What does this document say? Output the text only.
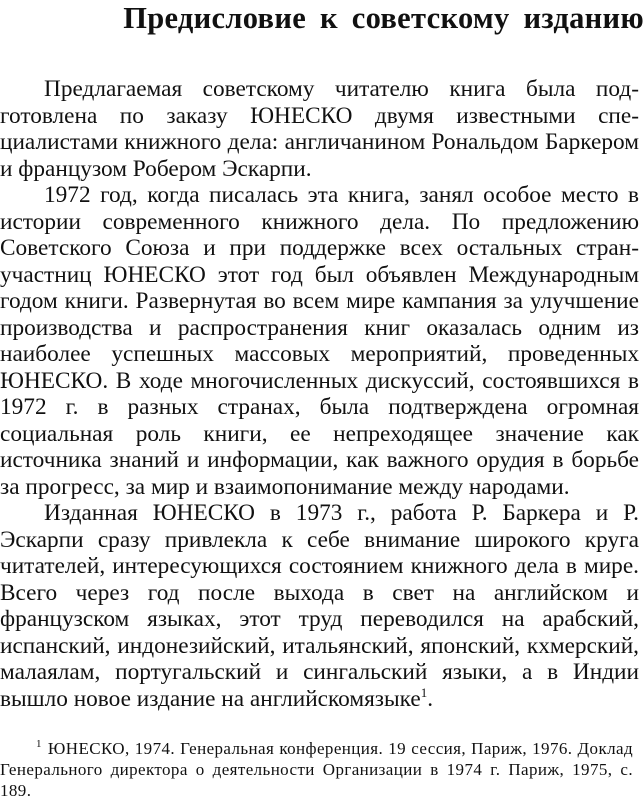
Предисловие к советскому изданию

Предлагаемая советскому читателю книга была подготовлена по заказу ЮНЕСКО двумя известными специалистами книжного дела: англичанином Рональдом Баркером и французом Робером Эскарпи.

1972 год, когда писалась эта книга, занял особое место в истории современного книжного дела. По предложению Советского Союза и при поддержке всех остальных стран-участниц ЮНЕСКО этот год был объявлен Международным годом книги. Развернутая во всем мире кампания за улучшение производства и распространения книг оказалась одним из наиболее успешных массовых мероприятий, проведенных ЮНЕСКО. В ходе многочисленных дискуссий, состоявшихся в 1972 г. в разных странах, была подтверждена огромная социальная роль книги, ее непреходящее значение как источника знаний и информации, как важного орудия в борьбе за прогресс, за мир и взаимопонимание между народами.

Изданная ЮНЕСКО в 1973 г., работа Р. Баркера и Р. Эскарпи сразу привлекла к себе внимание широкого круга читателей, интересующихся состоянием книжного дела в мире. Всего через год после выхода в свет на английском и французском языках, этот труд переводился на арабский, испанский, индонезийский, итальянский, японский, кхмерский, малаялам, португальский и сингальский языки, а в Индии вышло новое издание на английскомязыке$^1$.

$^1$ ЮНЕСКО, 1974. Генеральная конференция. 19 сессия, Париж, 1976. Доклад Генерального директора о деятельности Организации в 1974 г. Париж, 1975, с. 189.
